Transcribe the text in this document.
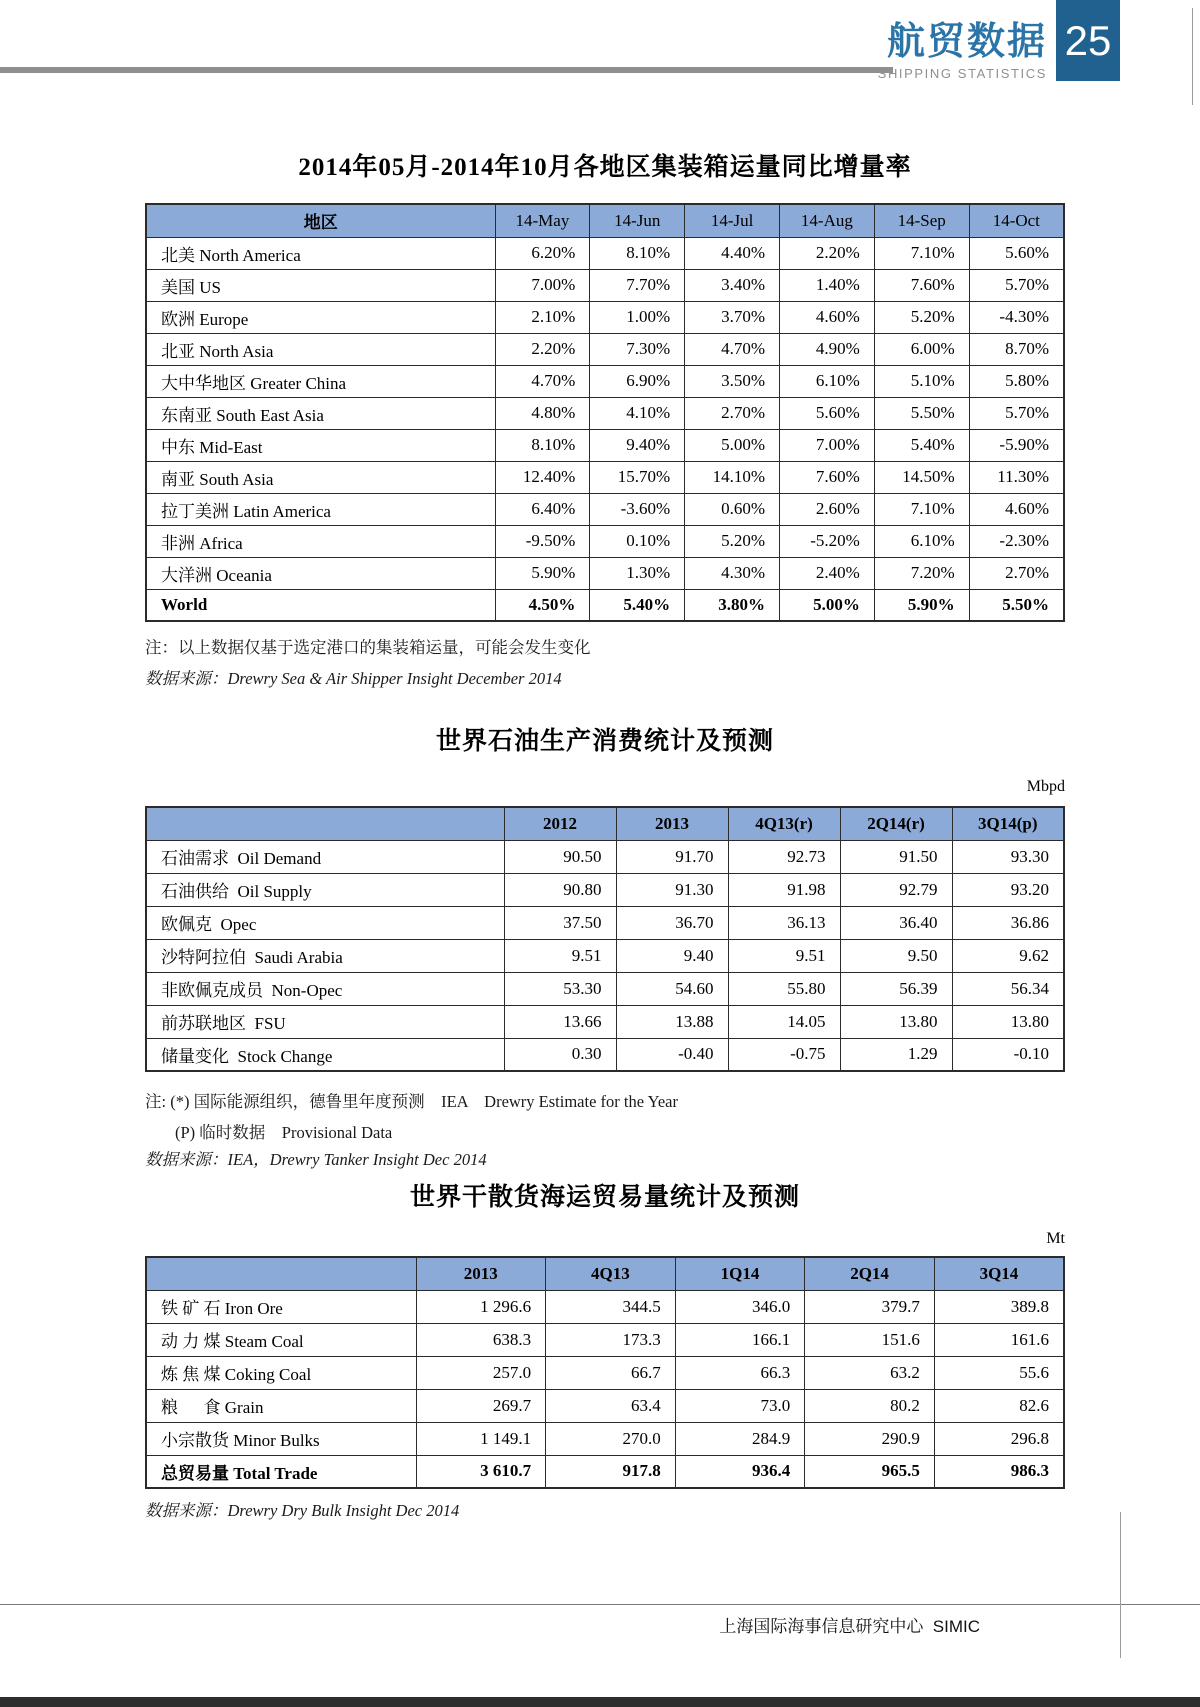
航贸数据
SHIPPING STATISTICS
25
2014年05月-2014年10月各地区集装箱运量同比增量率
地区	14-May	14-Jun	14-Jul	14-Aug	14-Sep	14-Oct
北美 North America	6.20%	8.10%	4.40%	2.20%	7.10%	5.60%
美国 US	7.00%	7.70%	3.40%	1.40%	7.60%	5.70%
欧洲 Europe	2.10%	1.00%	3.70%	4.60%	5.20%	-4.30%
北亚 North Asia	2.20%	7.30%	4.70%	4.90%	6.00%	8.70%
大中华地区 Greater China	4.70%	6.90%	3.50%	6.10%	5.10%	5.80%
东南亚 South East Asia	4.80%	4.10%	2.70%	5.60%	5.50%	5.70%
中东 Mid-East	8.10%	9.40%	5.00%	7.00%	5.40%	-5.90%
南亚 South Asia	12.40%	15.70%	14.10%	7.60%	14.50%	11.30%
拉丁美洲 Latin America	6.40%	-3.60%	0.60%	2.60%	7.10%	4.60%
非洲 Africa	-9.50%	0.10%	5.20%	-5.20%	6.10%	-2.30%
大洋洲 Oceania	5.90%	1.30%	4.30%	2.40%	7.20%	2.70%
World	4.50%	5.40%	3.80%	5.00%	5.90%	5.50%
注：以上数据仅基于选定港口的集装箱运量，可能会发生变化
数据来源：Drewry Sea & Air Shipper Insight December 2014
世界石油生产消费统计及预测
Mbpd
	2012	2013	4Q13(r)	2Q14(r)	3Q14(p)
石油需求  Oil Demand	90.50	91.70	92.73	91.50	93.30
石油供给  Oil Supply	90.80	91.30	91.98	92.79	93.20
欧佩克  Opec	37.50	36.70	36.13	36.40	36.86
沙特阿拉伯  Saudi Arabia	9.51	9.40	9.51	9.50	9.62
非欧佩克成员  Non-Opec	53.30	54.60	55.80	56.39	56.34
前苏联地区  FSU	13.66	13.88	14.05	13.80	13.80
储量变化  Stock Change	0.30	-0.40	-0.75	1.29	-0.10
注: (*) 国际能源组织，德鲁里年度预测    IEA    Drewry Estimate for the Year
(P) 临时数据    Provisional Data
数据来源：IEA，Drewry Tanker Insight Dec 2014
世界干散货海运贸易量统计及预测
Mt
	2013	4Q13	1Q14	2Q14	3Q14
铁 矿 石 Iron Ore	1 296.6	344.5	346.0	379.7	389.8
动 力 煤 Steam Coal	638.3	173.3	166.1	151.6	161.6
炼 焦 煤 Coking Coal	257.0	66.7	66.3	63.2	55.6
粮      食 Grain	269.7	63.4	73.0	80.2	82.6
小宗散货 Minor Bulks	1 149.1	270.0	284.9	290.9	296.8
总贸易量 Total Trade	3 610.7	917.8	936.4	965.5	986.3
数据来源：Drewry Dry Bulk Insight Dec 2014
上海国际海事信息研究中心  SIMIC
